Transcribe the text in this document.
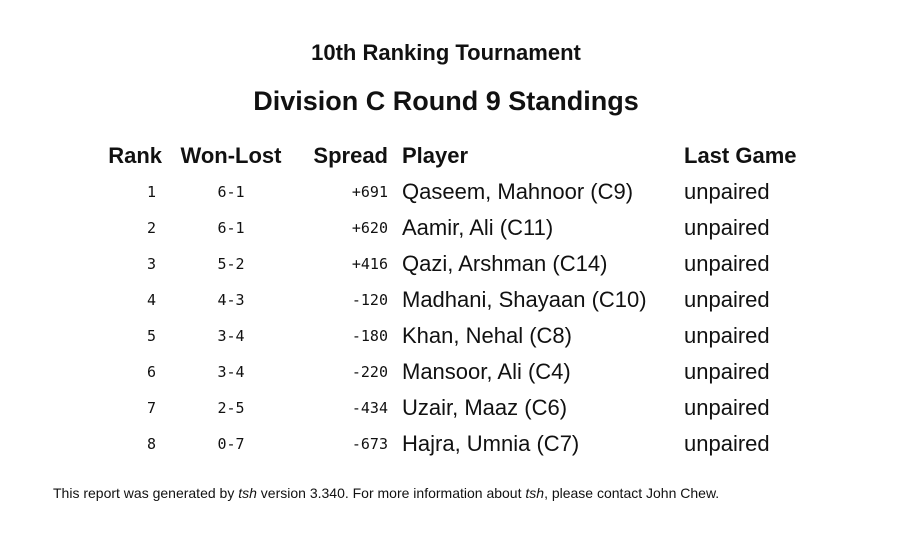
10th Ranking Tournament
Division C Round 9 Standings
Rank	Won-Lost	Spread	Player	Last Game
1	6-1	+691	Qaseem, Mahnoor (C9)	unpaired
2	6-1	+620	Aamir, Ali (C11)	unpaired
3	5-2	+416	Qazi, Arshman (C14)	unpaired
4	4-3	-120	Madhani, Shayaan (C10)	unpaired
5	3-4	-180	Khan, Nehal (C8)	unpaired
6	3-4	-220	Mansoor, Ali (C4)	unpaired
7	2-5	-434	Uzair, Maaz (C6)	unpaired
8	0-7	-673	Hajra, Umnia (C7)	unpaired
This report was generated by tsh version 3.340. For more information about tsh, please contact John Chew.
